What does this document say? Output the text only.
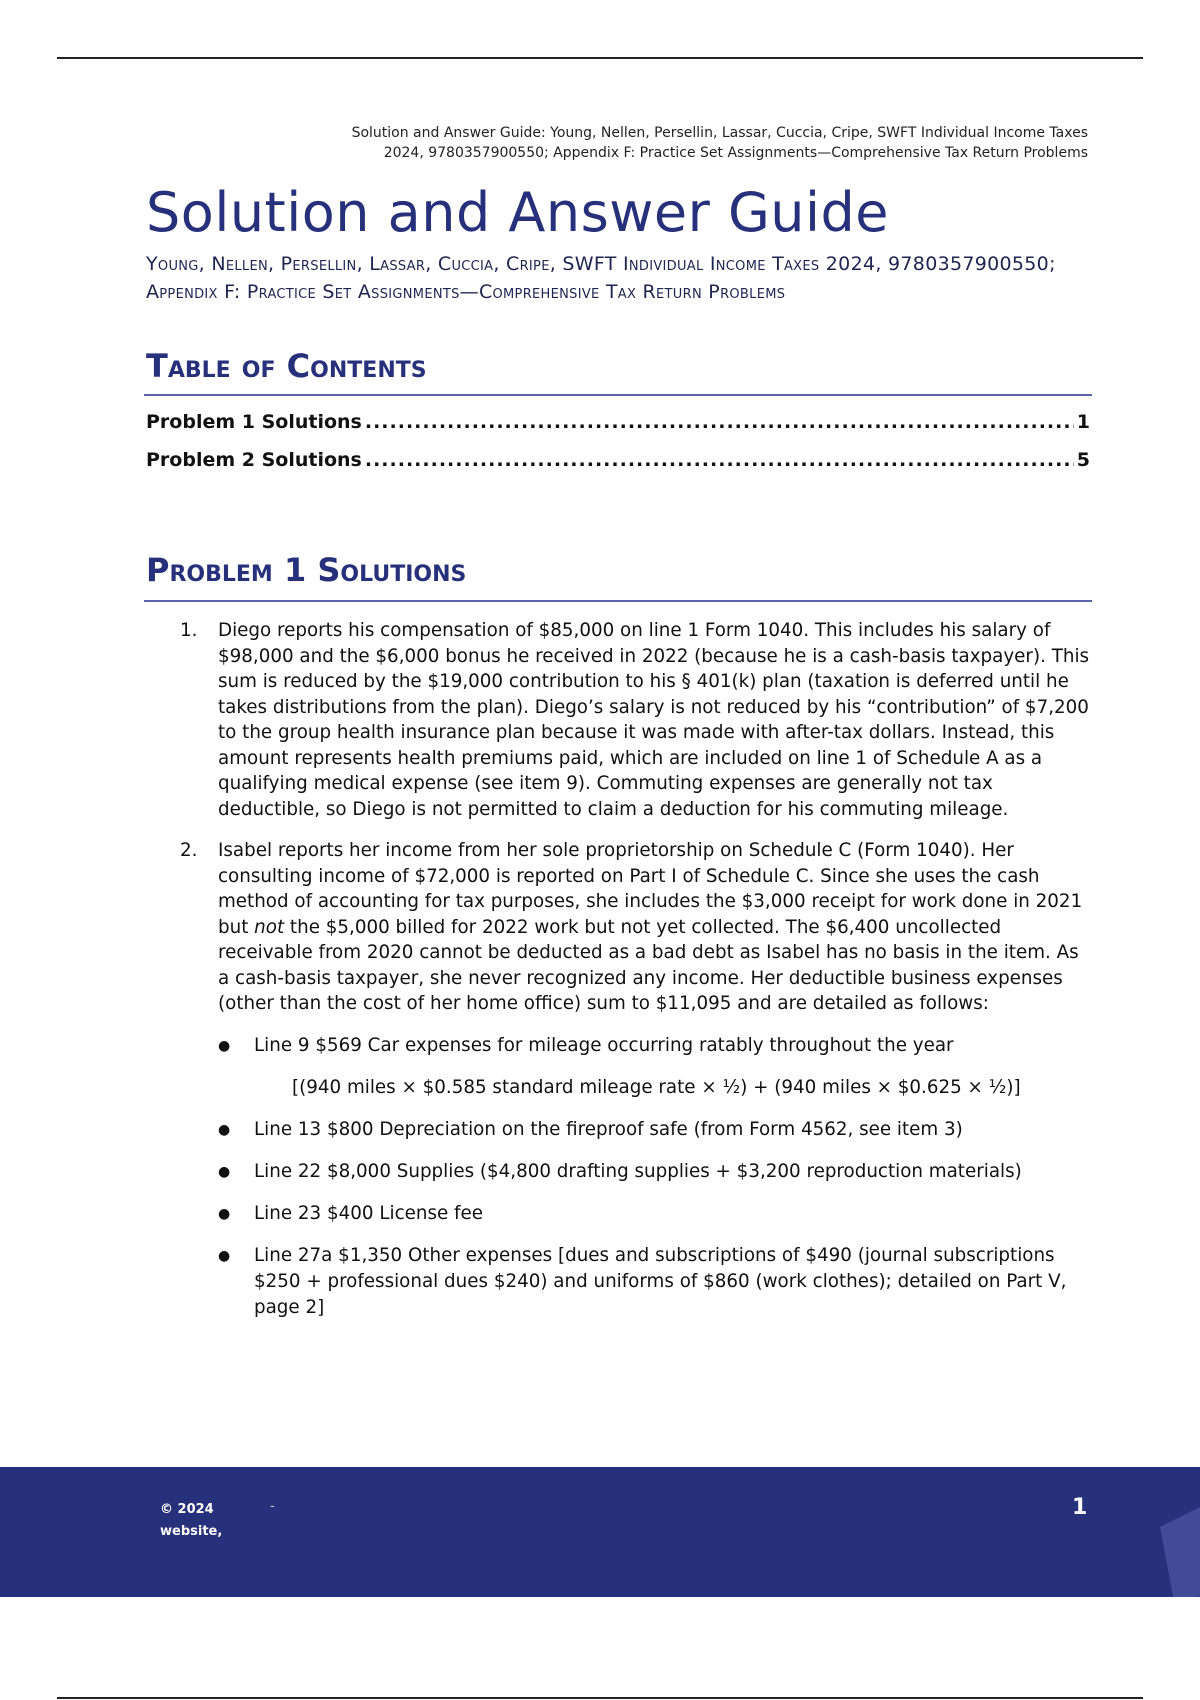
Solution and Answer Guide: Young, Nellen, Persellin, Lassar, Cuccia, Cripe, SWFT Individual Income Taxes
2024, 9780357900550; Appendix F: Practice Set Assignments—Comprehensive Tax Return Problems
Solution and Answer Guide

Young, Nellen, Persellin, Lassar, Cuccia, Cripe, SWFT Individual Income Taxes 2024, 9780357900550; Appendix F: Practice Set Assignments—Comprehensive Tax Return Problems

Table of Contents
Problem 1 Solutions .....	1
Problem 2 Solutions .....	5
Problem 1 Solutions
1. Diego reports his compensation of $85,000 on line 1 Form 1040. This includes his salary of $98,000 and the $6,000 bonus he received in 2022 (because he is a cash-basis taxpayer). This sum is reduced by the $19,000 contribution to his § 401(k) plan (taxation is deferred until he takes distributions from the plan). Diego’s salary is not reduced by his “contribution” of $7,200 to the group health insurance plan because it was made with after-tax dollars. Instead, this amount represents health premiums paid, which are included on line 1 of Schedule A as a qualifying medical expense (see item 9). Commuting expenses are generally not tax deductible, so Diego is not permitted to claim a deduction for his commuting mileage.
2. Isabel reports her income from her sole proprietorship on Schedule C (Form 1040). Her consulting income of $72,000 is reported on Part I of Schedule C. Since she uses the cash method of accounting for tax purposes, she includes the $3,000 receipt for work done in 2021 but not the $5,000 billed for 2022 work but not yet collected. The $6,400 uncollected receivable from 2020 cannot be deducted as a bad debt as Isabel has no basis in the item. As a cash-basis taxpayer, she never recognized any income. Her deductible business expenses (other than the cost of her home office) sum to $11,095 and are detailed as follows:
● Line 9 $569 Car expenses for mileage occurring ratably throughout the year
[(940 miles × $0.585 standard mileage rate × ½) + (940 miles × $0.625 × ½)]
● Line 13 $800 Depreciation on the fireproof safe (from Form 4562, see item 3)
● Line 22 $8,000 Supplies ($4,800 drafting supplies + $3,200 reproduction materials)
● Line 23 $400 License fee
● Line 27a $1,350 Other expenses [dues and subscriptions of $490 (journal subscriptions $250 + professional dues $240) and uniforms of $860 (work clothes); detailed on Part V, page 2]
© 2024
website,
-	1
